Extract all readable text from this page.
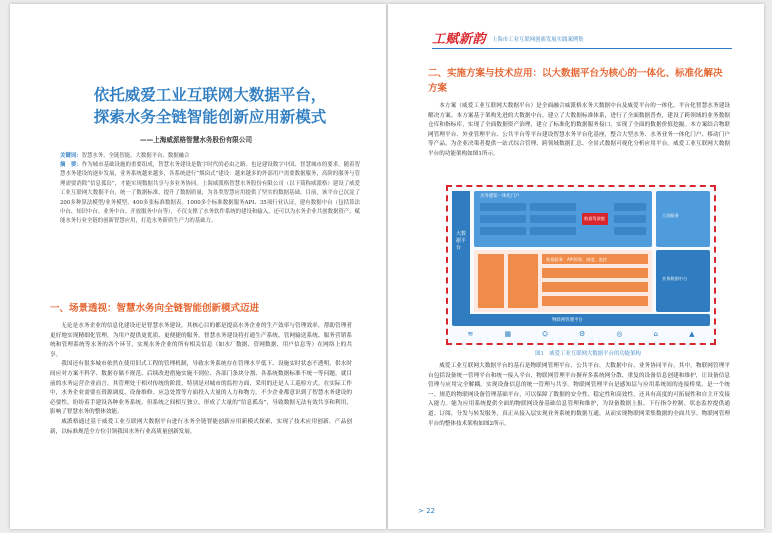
依托威爱工业互联网大数据平台，
探索水务全链智能创新应用新模式
——上海威派格智慧水务股份有限公司
关键词：智慧水务、全链智能、大数据平台、数据融合
摘　要：作为城市基础设施的重要组成，智慧水务建设是数字时代的必由之路。也是建设数字中国、智慧城市的要求。随着智慧水务建设的逐步发展，业务系统越来越多，各系统进行“烟囱式”建设：越来越多的外部用户需要数据服务，高阶的服务与管理需要消除“信息孤岛”，才能实现数据共享与多业务协同。上海威派格智慧水务股份有限公司（以下简称威派格）建设了威爱工业互联网大数据平台，统一了数据标准，提升了数据质量，为各类智慧应用提供了坚实的数据基础。目前，该平台已沉淀了200多种算法模型/业务模型、400多张标准数据表。1000多个标准数据服务API、35项行业认证，建有数据中台（包括算法中台、知识中台、业务中台、开放服务中台等），不仅支撑了水务软件系统的建设和输入，还可以为水务企业共创数据资产，赋能水务行业全链的创新智慧应用，打造水务新质生产力的基础力。
一、场景透视：智慧水务向全链智能创新模式迈进

无论是水务企业的信息化建设还是智慧水务建设，其核心目的都是提高水务企业的生产效率与管理效率，帮助管理者更好地实现精细化管理，为用户提供更优质、更便捷的服务。智慧水务建设将打通生产系统、管网输送系统、服务营销系统和管理系统等水务的各个环节，实现水务企业的所有相关信息（如水厂数据、管网数据、用户信息等）在网络上的共享。

我国还有很多城市依然在使用旧式工程的管理机制，导致水务系统存在管理水平低下、设施实时状态不透明、供水时间应对方案不科学、数据存储不规范、后续改进措施实施不到位、各部门条块分割、各系统数据标准不统一等问题。就目前的水务运营企业而言，其管理处于相对传统的阶段，特别是对城市的监控方面，采用的还是人工巡检方式。在实际工作中，水务企业需要在资源调度、设备维修、应急处置等方面投入大量的人力和物力。不少企业都意识到了智慧水务建设的必要性，纷纷着手建设各种业务系统，但系统之间相互独立，形成了大量的“信息孤岛”，导致数据无法有效共享和利用，影响了智慧水务的整体效能。

威派格通过基于威爱工业互联网大数据平台进行水务全链智能创新应用新模式探索，实现了技术应用创新、产品创新，以标准规范全方位引领我国水务行业高质量创新发展。

工赋新韵 上海市工业互联网创新发展实践案例集
二、实施方案与技术应用：以大数据平台为核心的一体化、标准化解决方案

本方案（威爱工业互联网大数据平台）是全面融合威派格水务大数据中台及威爱平台的一体化、平台化智慧水务建设解决方案。本方案基于架构先进的大数据中台，建立了大数据标准体系，进行了全面数据普查，建设了跨领域的业务数据仓库和指标库，实现了全面数据资产治理，建立了标准化的数据服务接口，实现了全面的数据价值挖掘。本方案结合物联网管理平台、外业管理平台、公共平台等平台建设智慧水务平台化基座，整合大型水务、水务业务一体化门户、移动门户等产品，为企业决策者提供一站式综合管理、跨领域数据汇总、全景式数据可视化分析应用平台。威爱工业互联网大数据平台的功能架构如图1所示。

大数据平台
水务感知一体化门户
数据驾驶舱
数据服务：API管理、调度、监控
大屏服务
业务数据中台
物联网管理平台
≋	▦	⛭	⚙	◎	⌂	▲
图1　威爱工业互联网大数据平台的功能架构

威爱工业互联网大数据平台的基石是物联网管理平台、公共平台、大数据中台、业务协同平台。其中，物联网管理平台包括设备统一管理平台和统一接入平台，物联网管理平台摒弃多系统网分散、重复的设备信息创建和维护，让设备信息管理与应用完全解耦。实现设备信息的统一管理与共享。物联网管理平台是感知层与应用系统间的连接桥梁，是一个统一、规范的物联网设备管理基础平台，可以保障了数据的安全性、稳定性和高效性，还具有高度的可拓展性和自主开发接入能力。能为应用系统提供全面的物联网设备基础信息管理和维护，为设备数据上报、下行指令控制、状态监控提供通道、订阅、分发与转发服务，真正从接入层实现业务系统的数据互通，从而实现物联网采集数据的全面共享。物联网管理平台的整体技术架构如图2所示。

> 22
